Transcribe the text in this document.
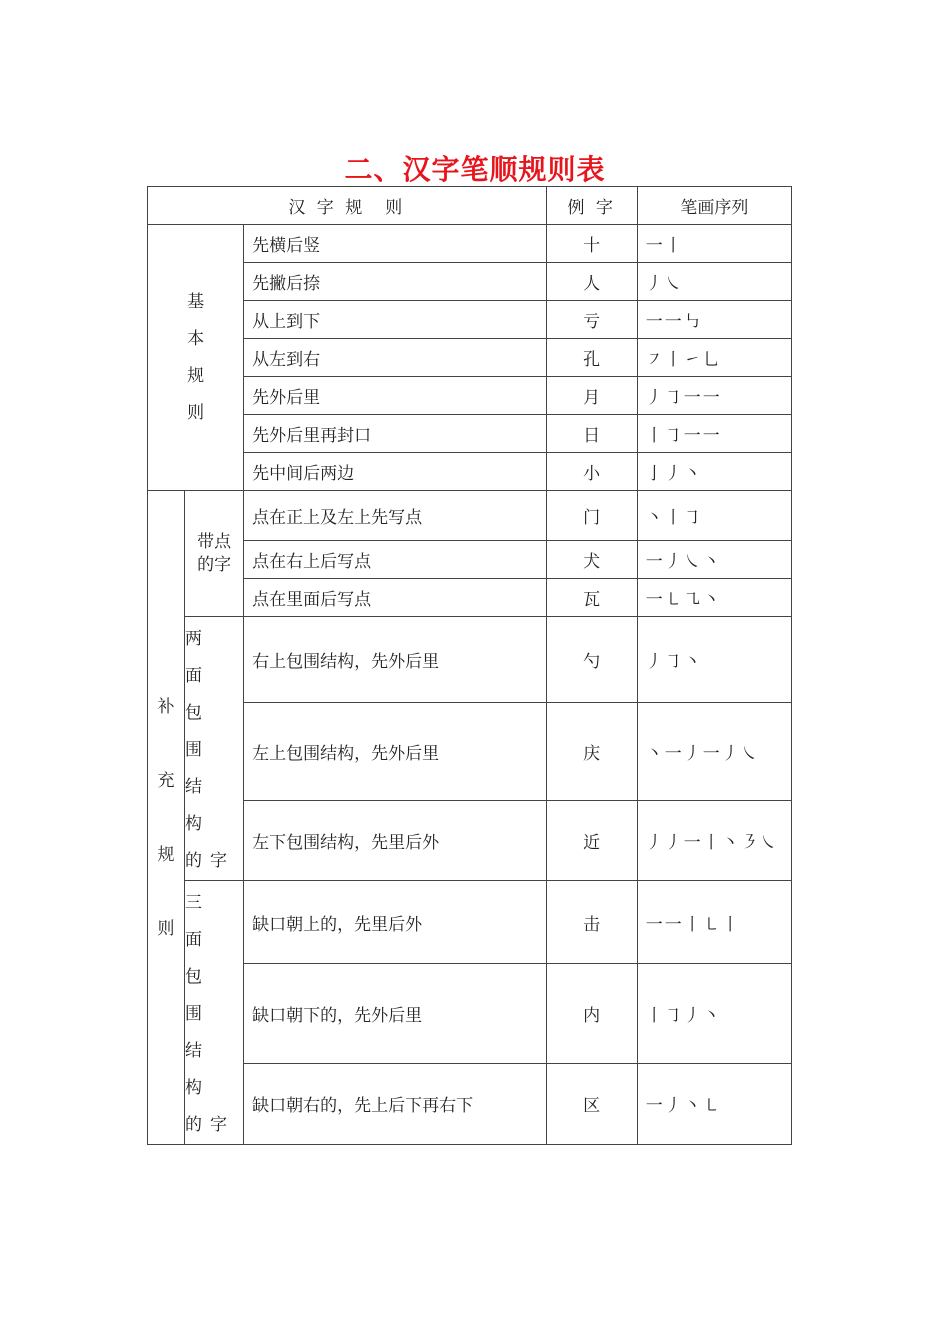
二、汉字笔顺规则表
汉 字 规　则			例 字	笔画序列

基
本
规
则		先横后竖	十	一丨
		先撇后捺	人	丿㇏
		从上到下	亏	一一㇉
		从左到右	孔	㇇丨㇀乚
		先外后里	月	丿㇆一一
		先外后里再封口	日	丨㇆一一
		先中间后两边	小	亅丿丶

补
充
规
则	带点
的字	点在正上及左上先写点	门	丶丨㇆
		点在右上后写点	犬	一丿㇏丶
		点在里面后写点	瓦	一㇄㇈丶
	两 面
包 围
结 构
的字	右上包围结构，先外后里	勺	丿㇆丶
		左上包围结构，先外后里	庆	丶一丿一丿㇏
		左下包围结构，先里后外	近	丿丿一丨丶㇋㇏
	三 面
包 围
结 构
的字	缺口朝上的，先里后外	击	一一丨㇄丨
		缺口朝下的，先外后里	内	丨㇆丿丶
		缺口朝右的，先上后下再右下	区	一丿丶㇄
